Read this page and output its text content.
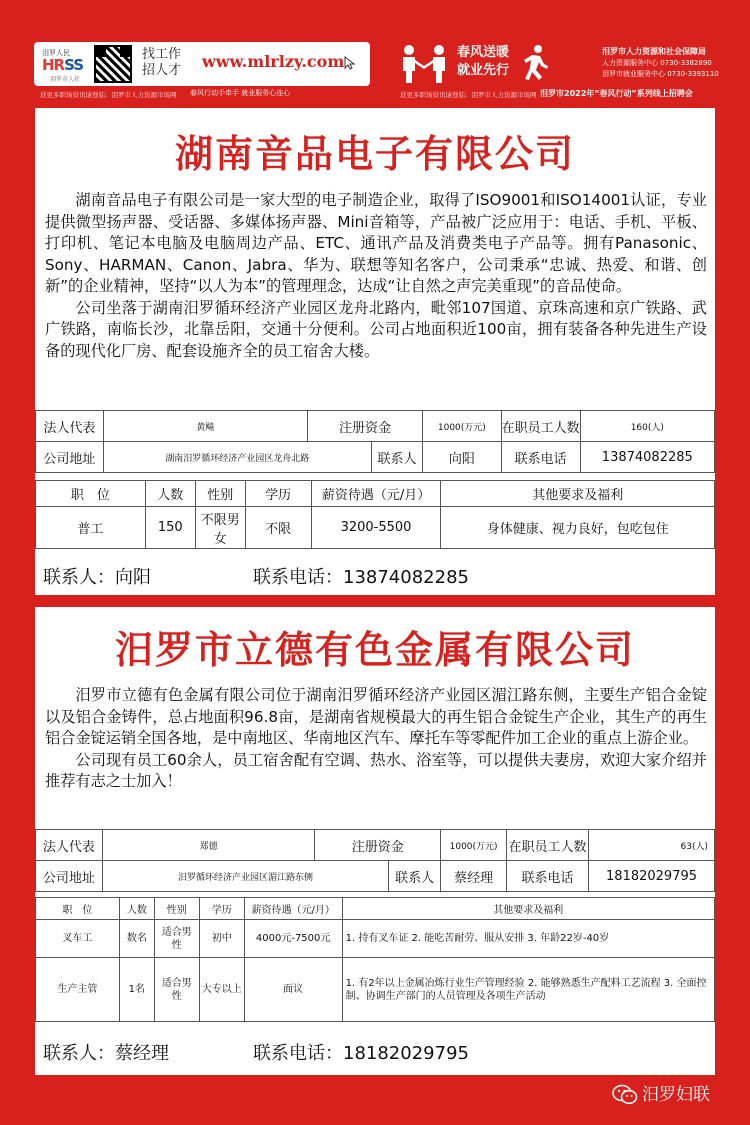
泪罗人民
HRSS
泪罗市人社
找工作
招人才 www.mlrlzy.com
获更多职场资讯请登陆：泪罗市人力资源市场网 春风行动手牵手 就业服务心连心
春风送暖
就业先行
泪罗市人力资源和社会保障局
人力资源服务中心 0730-3382890
泪罗市就业服务中心 0730-3393110
获更多职场资讯请登陆：泪罗市人力资源市场网 泪罗市2022年“春风行动”系列线上招聘会
湖南音品电子有限公司

湖南音品电子有限公司是一家大型的电子制造企业，取得了ISO9001和ISO14001认证，专业提供微型扬声器、受话器、多媒体扬声器、Mini音箱等，产品被广泛应用于：电话、手机、平板、打印机、笔记本电脑及电脑周边产品、ETC、通讯产品及消费类电子产品等。拥有Panasonic、Sony、HARMAN、Canon、Jabra、华为、联想等知名客户，公司秉承“忠诚、热爱、和谐、创新”的企业精神，坚持“以人为本”的管理理念，达成“让自然之声完美重现”的音品使命。

公司坐落于湖南汨罗循环经济产业园区龙舟北路内，毗邻107国道、京珠高速和京广铁路、武广铁路，南临长沙，北靠岳阳，交通十分便利。公司占地面积近100亩，拥有装备各种先进生产设备的现代化厂房、配套设施齐全的员工宿舍大楼。

法人代表	黄飚	注册资金		1000(万元)	在职员工人数	160(人)
公司地址	湖南汨罗循环经济产业园区龙舟北路		联系人	向阳	联系电话	13874082285
职　位	人数	性别	学历	薪资待遇（元/月）	其他要求及福利
普工	150	不限男女	不限	3200-5500	身体健康、视力良好，包吃包住
联系人：向阳	联系电话：13874082285
汨罗市立德有色金属有限公司

汨罗市立德有色金属有限公司位于湖南汨罗循环经济产业园区湄江路东侧，主要生产铝合金锭以及铝合金铸件，总占地面积96.8亩，是湖南省规模最大的再生铝合金锭生产企业，其生产的再生铝合金锭运销全国各地，是中南地区、华南地区汽车、摩托车等零配件加工企业的重点上游企业。

公司现有员工60余人，员工宿舍配有空调、热水、浴室等，可以提供夫妻房，欢迎大家介绍并推荐有志之士加入！

法人代表	郑德	注册资金		1000(万元)	在职员工人数	63(人)
公司地址	汨罗循环经济产业园区湄江路东侧		联系人	蔡经理	联系电话	18182029795
职　位	人数	性别	学历	薪资待遇（元/月）	其他要求及福利
叉车工	数名	适合男性	初中	4000元-7500元	1. 持有叉车证 2. 能吃苦耐劳、服从安排 3. 年龄22岁-40岁
生产主管	1名	适合男性	大专以上	面议	1. 有2年以上金属冶炼行业生产管理经验 2. 能够熟悉生产配料工艺流程 3. 全面控制、协调生产部门的人员管理及各项生产活动
联系人：蔡经理	联系电话：18182029795
汨罗妇联
